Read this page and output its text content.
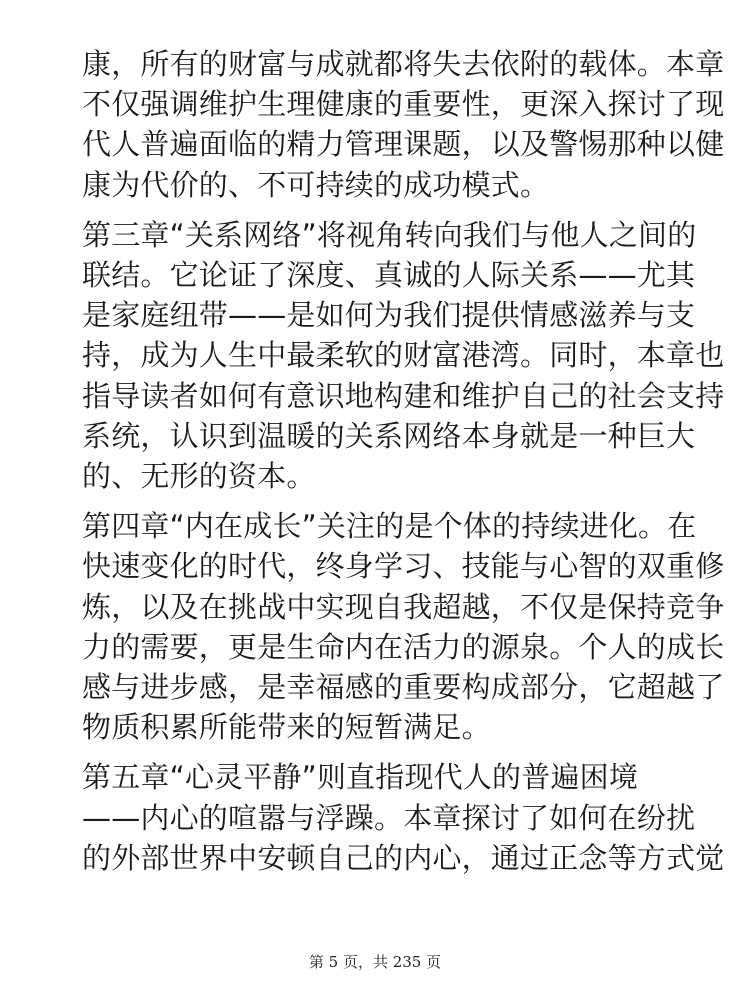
康，所有的财富与成就都将失去依附的载体。本章
不仅强调维护生理健康的重要性，更深入探讨了现
代人普遍面临的精力管理课题，以及警惕那种以健
康为代价的、不可持续的成功模式。
第三章“关系网络”将视角转向我们与他人之间的
联结。它论证了深度、真诚的人际关系——尤其
是家庭纽带——是如何为我们提供情感滋养与支
持，成为人生中最柔软的财富港湾。同时，本章也
指导读者如何有意识地构建和维护自己的社会支持
系统，认识到温暖的关系网络本身就是一种巨大
的、无形的资本。
第四章“内在成长”关注的是个体的持续进化。在
快速变化的时代，终身学习、技能与心智的双重修
炼，以及在挑战中实现自我超越，不仅是保持竞争
力的需要，更是生命内在活力的源泉。个人的成长
感与进步感，是幸福感的重要构成部分，它超越了
物质积累所能带来的短暂满足。
第五章“心灵平静”则直指现代人的普遍困境
——内心的喧嚣与浮躁。本章探讨了如何在纷扰
的外部世界中安顿自己的内心，通过正念等方式觉
第 5 页，共 235 页
